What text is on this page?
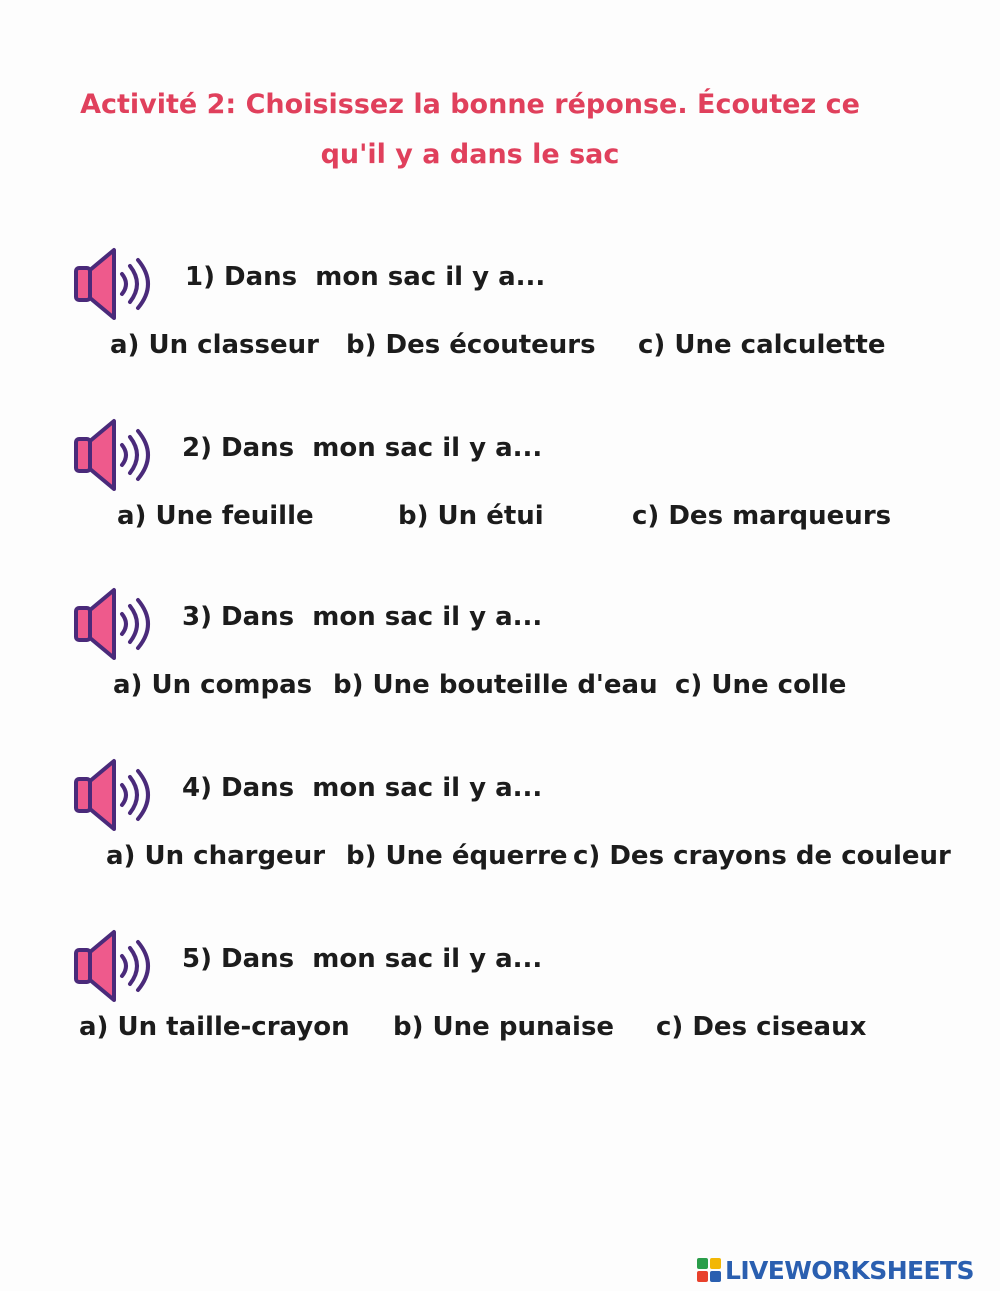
Activité 2: Choisissez la bonne réponse. Écoutez ce
qu'il y a dans le sac
1) Dans  mon sac il y a...
a) Un classeur b) Des écouteurs c) Une calculette
2) Dans  mon sac il y a...
a) Une feuille	b) Un étui	c) Des marqueurs
3) Dans  mon sac il y a...
a) Un compas b) Une bouteille d'eau c) Une colle
4) Dans  mon sac il y a...
a) Un chargeur b) Une équerre c) Des crayons de couleur
5) Dans  mon sac il y a...
a) Un taille-crayon b) Une punaise c) Des ciseaux
LIVEWORKSHEETS
